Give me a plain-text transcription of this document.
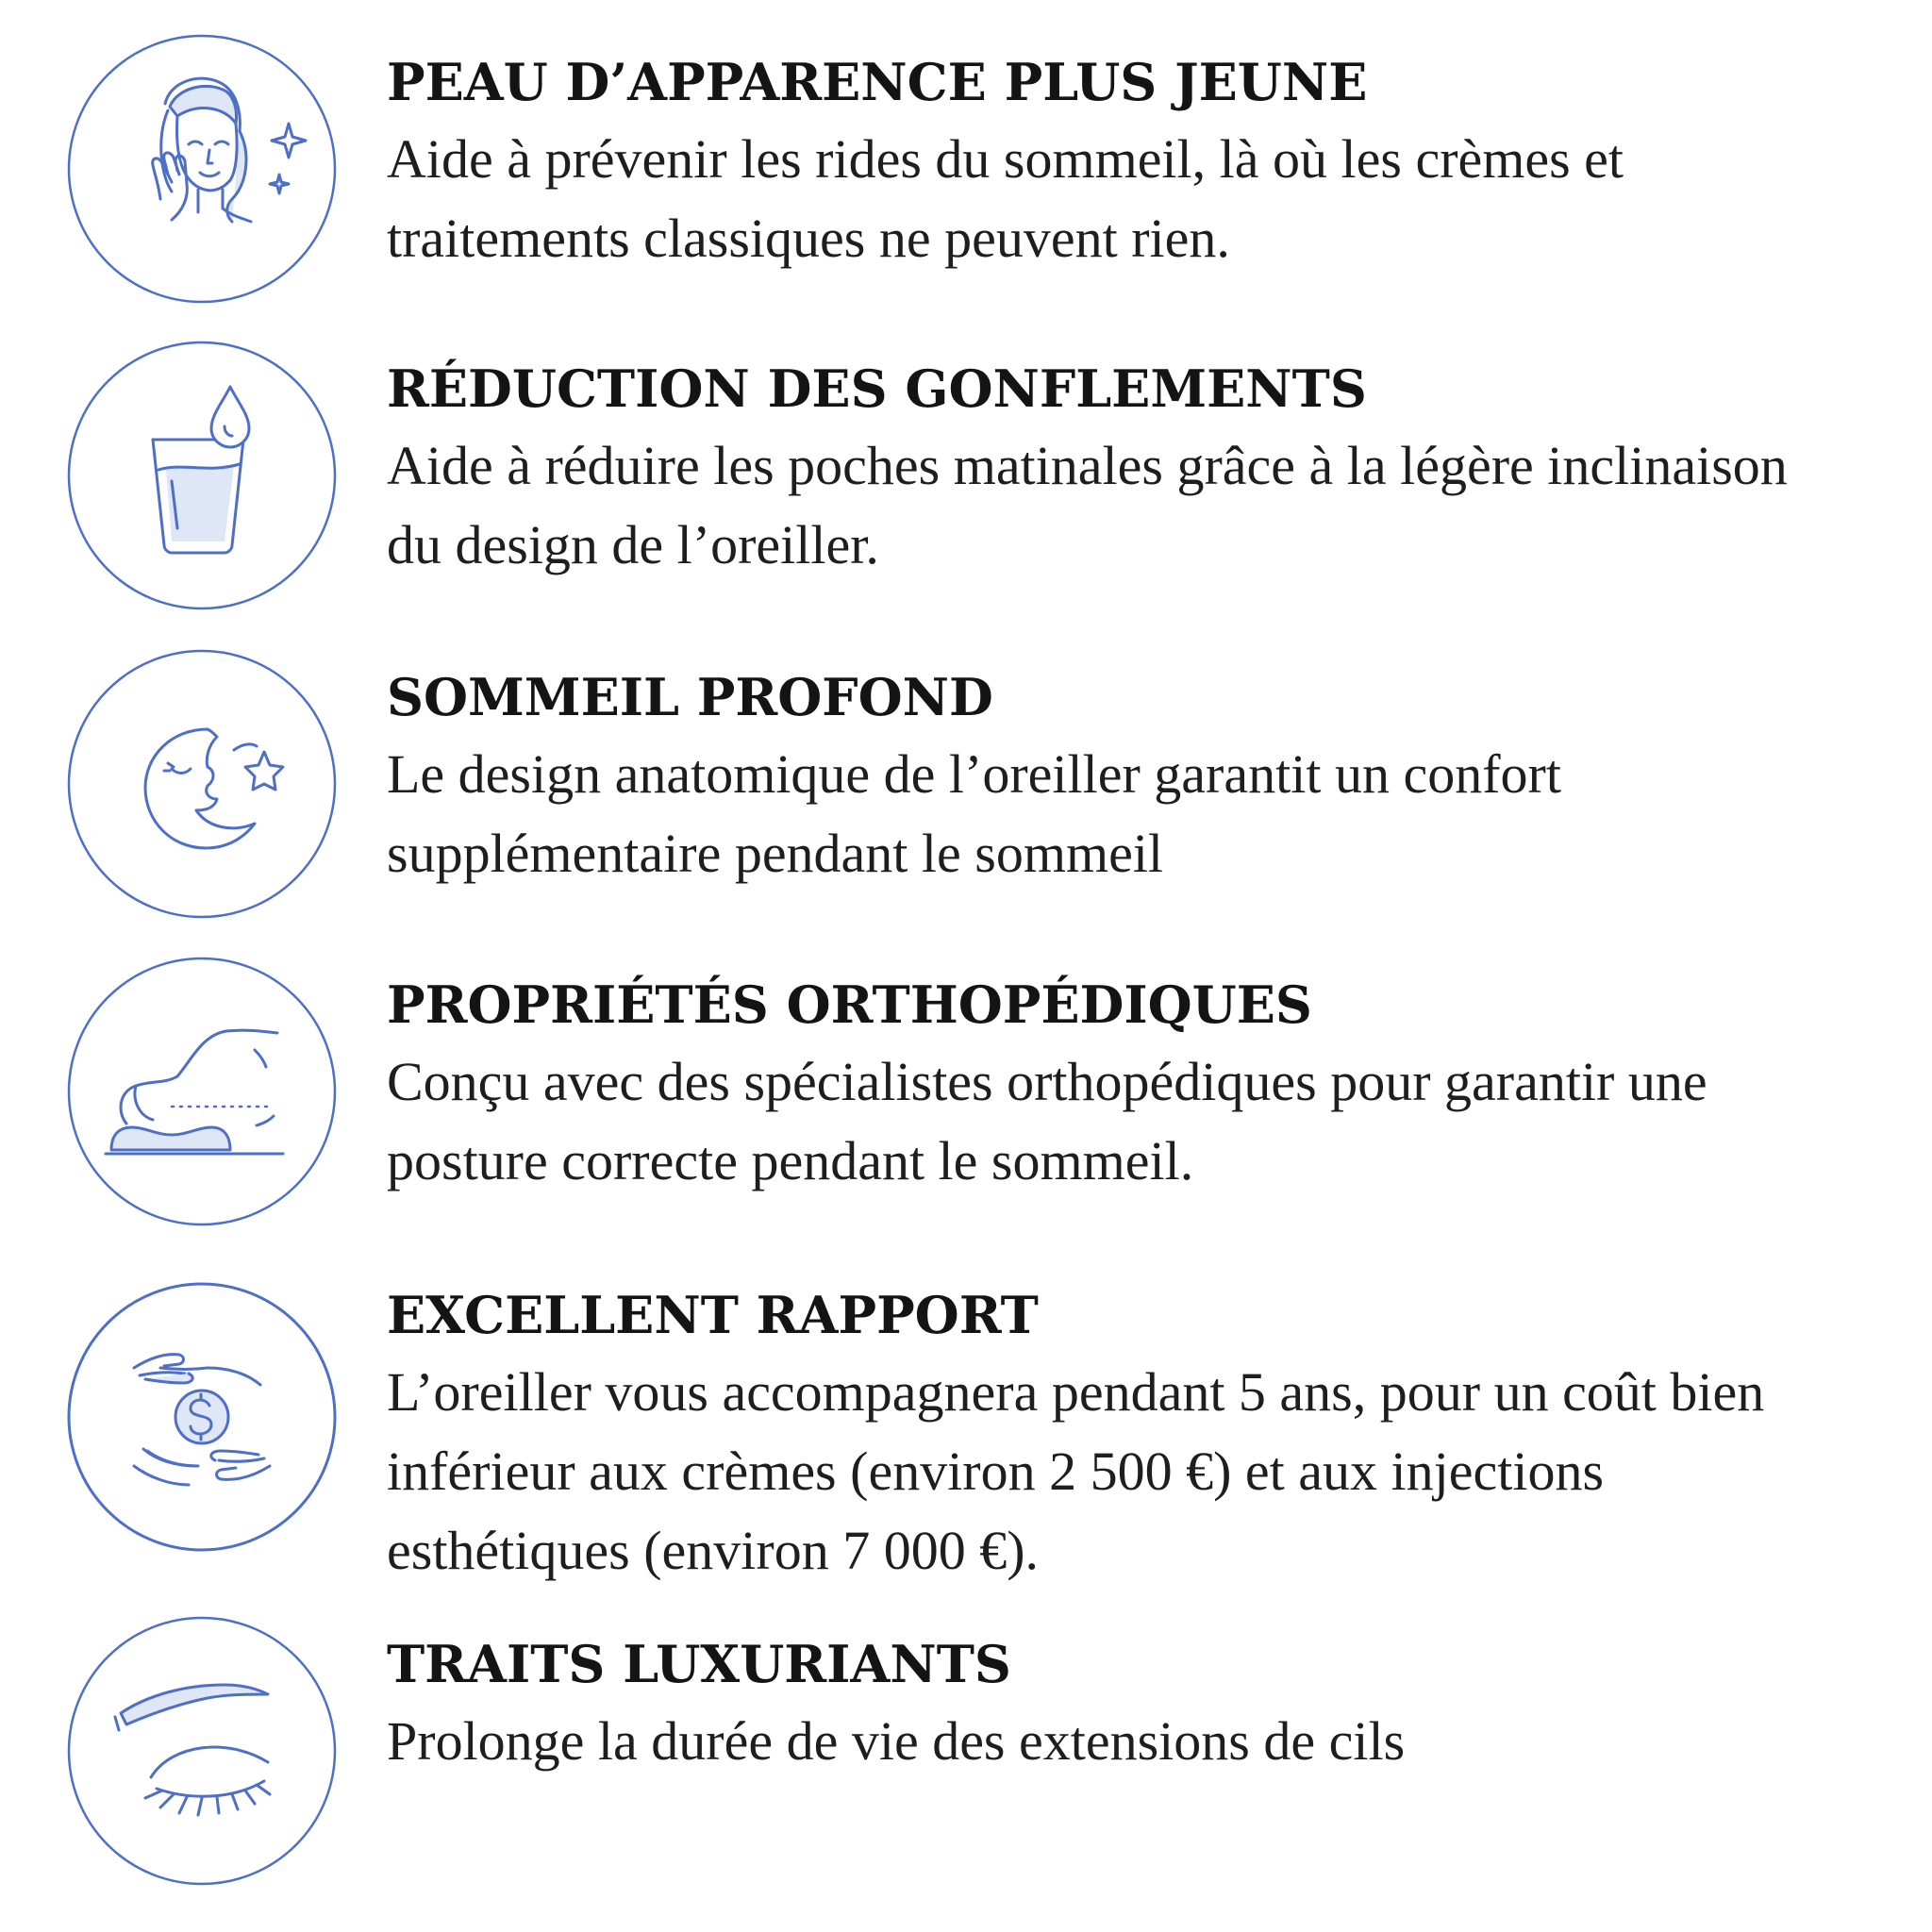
PEAU D’APPARENCE PLUS JEUNE
Aide à prévenir les rides du sommeil, là où les crèmes et
traitements classiques ne peuvent rien.
RÉDUCTION DES GONFLEMENTS
Aide à réduire les poches matinales grâce à la légère inclinaison
du design de l’oreiller.
SOMMEIL PROFOND
Le design anatomique de l’oreiller garantit un confort
supplémentaire pendant le sommeil
PROPRIÉTÉS ORTHOPÉDIQUES
Conçu avec des spécialistes orthopédiques pour garantir une
posture correcte pendant le sommeil.
EXCELLENT RAPPORT
L’oreiller vous accompagnera pendant 5 ans, pour un coût bien
inférieur aux crèmes (environ 2 500 €) et aux injections
esthétiques (environ 7 000 €).
TRAITS LUXURIANTS
Prolonge la durée de vie des extensions de cils
